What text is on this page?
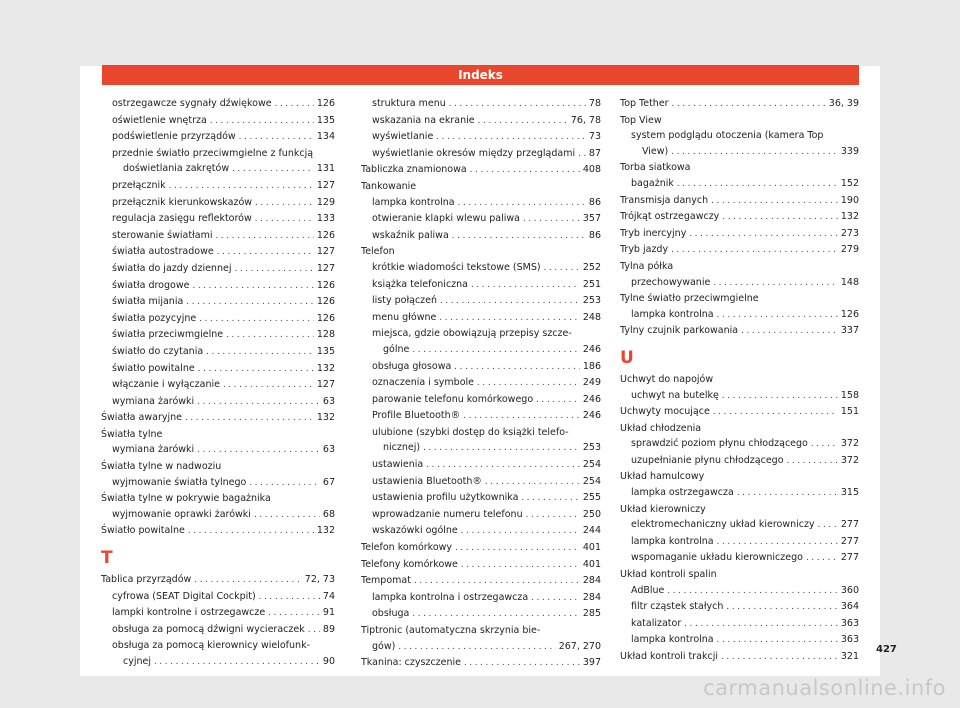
Indeks
ostrzegawcze sygnały dźwiękowe . . .	126
oświetlenie wnętrza . . .	135
podświetlenie przyrządów . . .	134
przednie światło przeciwmgielne z funkcją
doświetlania zakrętów . . .	131
przełącznik . . .	127
przełącznik kierunkowskazów . . .	129
regulacja zasięgu reflektorów . . .	133
sterowanie światłami . . .	126
światła autostradowe . . .	127
światła do jazdy dziennej . . .	127
światła drogowe . . .	126
światła mijania . . .	126
światła pozycyjne . . .	126
światła przeciwmgielne . . .	128
światło do czytania . . .	135
światło powitalne . . .	132
włączanie i wyłączanie . . .	127
wymiana żarówki . . .	63
Światła awaryjne . . .	132
Światła tylne
wymiana żarówki . . .	63
Światła tylne w nadwoziu
wyjmowanie światła tylnego . . .	67
Światła tylne w pokrywie bagażnika
wyjmowanie oprawki żarówki . . .	68
Światło powitalne . . .	132
T
Tablica przyrządów . . .	72, 73
cyfrowa (SEAT Digital Cockpit) . . .	74
lampki kontrolne i ostrzegawcze . . .	91
obsługa za pomocą dźwigni wycieraczek . . . 89
obsługa za pomocą kierownicy wielofunk-
cyjnej . . .	90
struktura menu . . .	78
wskazania na ekranie . . .	76, 78
wyświetlanie . . .	73
wyświetlanie okresów między przeglądami . . . 87
Tabliczka znamionowa . . .	408
Tankowanie
lampka kontrolna . . .	86
otwieranie klapki wlewu paliwa . . .	357
wskaźnik paliwa . . .	86
Telefon
krótkie wiadomości tekstowe (SMS) . . .	252
książka telefoniczna . . .	251
listy połączeń . . .	253
menu główne . . .	248
miejsca, gdzie obowiązują przepisy szcze-
gólne . . .	246
obsługa głosowa . . .	186
oznaczenia i symbole . . .	249
parowanie telefonu komórkowego . . .	246
Profile Bluetooth® . . .	246
ulubione (szybki dostęp do książki telefo-
nicznej) . . .	253
ustawienia . . .	254
ustawienia Bluetooth® . . .	254
ustawienia profilu użytkownika . . .	255
wprowadzanie numeru telefonu . . .	250
wskazówki ogólne . . .	244
Telefon komórkowy . . .	401
Telefony komórkowe . . .	401
Tempomat . . .	284
lampka kontrolna i ostrzegawcza . . .	284
obsługa . . .	285
Tiptronic (automatyczna skrzynia bie-
gów) . . .	267, 270
Tkanina: czyszczenie . . .	397
Top Tether . . .	36, 39
Top View
system podglądu otoczenia (kamera Top
View) . . .	339
Torba siatkowa
bagażnik . . .	152
Transmisja danych . . .	190
Trójkąt ostrzegawczy . . .	132
Tryb inercyjny . . .	273
Tryb jazdy . . .	279
Tylna półka
przechowywanie . . .	148
Tylne światło przeciwmgielne
lampka kontrolna . . .	126
Tylny czujnik parkowania . . .	337
U
Uchwyt do napojów
uchwyt na butelkę . . .	158
Uchwyty mocujące . . .	151
Układ chłodzenia
sprawdzić poziom płynu chłodzącego . . .	372
uzupełnianie płynu chłodzącego . . .	372
Układ hamulcowy
lampka ostrzegawcza . . .	315
Układ kierowniczy
elektromechaniczny układ kierowniczy . . .	277
lampka kontrolna . . .	277
wspomaganie układu kierowniczego . . .	277
Układ kontroli spalin
AdBlue . . .	360
filtr cząstek stałych . . .	364
katalizator . . .	363
lampka kontrolna . . .	363
Układ kontroli trakcji . . .	321
427
carmanualsonline.info
